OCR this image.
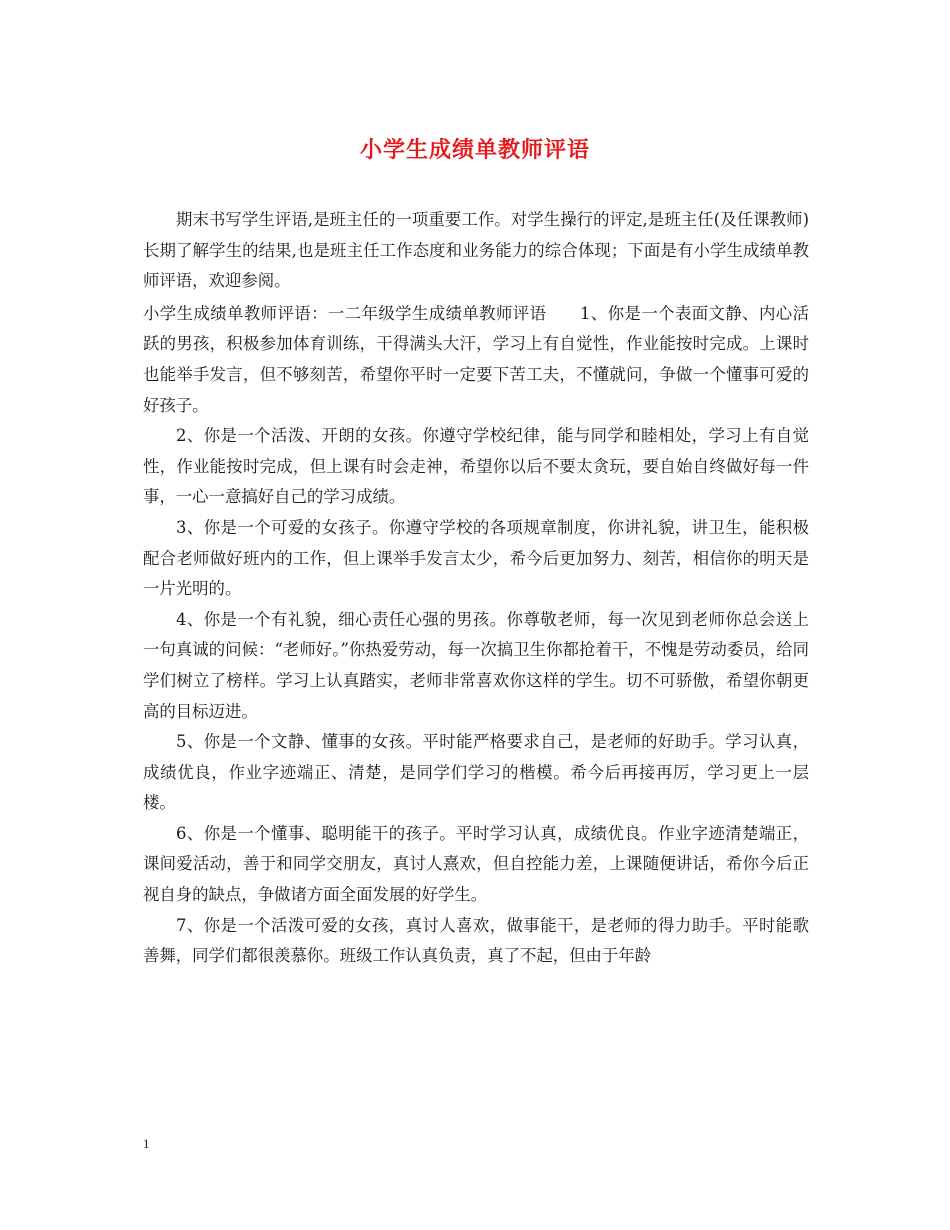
小学生成绩单教师评语

期末书写学生评语,是班主任的一项重要工作。对学生操行的评定,是班主任(及任课教师)长期了解学生的结果,也是班主任工作态度和业务能力的综合体现；下面是有小学生成绩单教师评语，欢迎参阅。

小学生成绩单教师评语：一二年级学生成绩单教师评语　　 1、你是一个表面文静、内心活跃的男孩，积极参加体育训练，干得满头大汗，学习上有自觉性，作业能按时完成。上课时也能举手发言，但不够刻苦，希望你平时一定要下苦工夫，不懂就问，争做一个懂事可爱的好孩子。

2、你是一个活泼、开朗的女孩。你遵守学校纪律，能与同学和睦相处，学习上有自觉性，作业能按时完成，但上课有时会走神，希望你以后不要太贪玩，要自始自终做好每一件事，一心一意搞好自己的学习成绩。

3、你是一个可爱的女孩子。你遵守学校的各项规章制度，你讲礼貌，讲卫生，能积极配合老师做好班内的工作，但上课举手发言太少，希今后更加努力、刻苦，相信你的明天是一片光明的。

4、你是一个有礼貌，细心责任心强的男孩。你尊敬老师，每一次见到老师你总会送上一句真诚的问候：“老师好。”你热爱劳动，每一次搞卫生你都抢着干，不愧是劳动委员，给同学们树立了榜样。学习上认真踏实，老师非常喜欢你这样的学生。切不可骄傲，希望你朝更高的目标迈进。

5、你是一个文静、懂事的女孩。平时能严格要求自己，是老师的好助手。学习认真，成绩优良，作业字迹端正、清楚，是同学们学习的楷模。希今后再接再厉，学习更上一层楼。

6、你是一个懂事、聪明能干的孩子。平时学习认真，成绩优良。作业字迹清楚端正，课间爱活动，善于和同学交朋友，真讨人熹欢，但自控能力差，上课随便讲话，希你今后正视自身的缺点，争做诸方面全面发展的好学生。

7、你是一个活泼可爱的女孩，真讨人喜欢，做事能干，是老师的得力助手。平时能歌善舞，同学们都很羡慕你。班级工作认真负责，真了不起，但由于年龄

1
